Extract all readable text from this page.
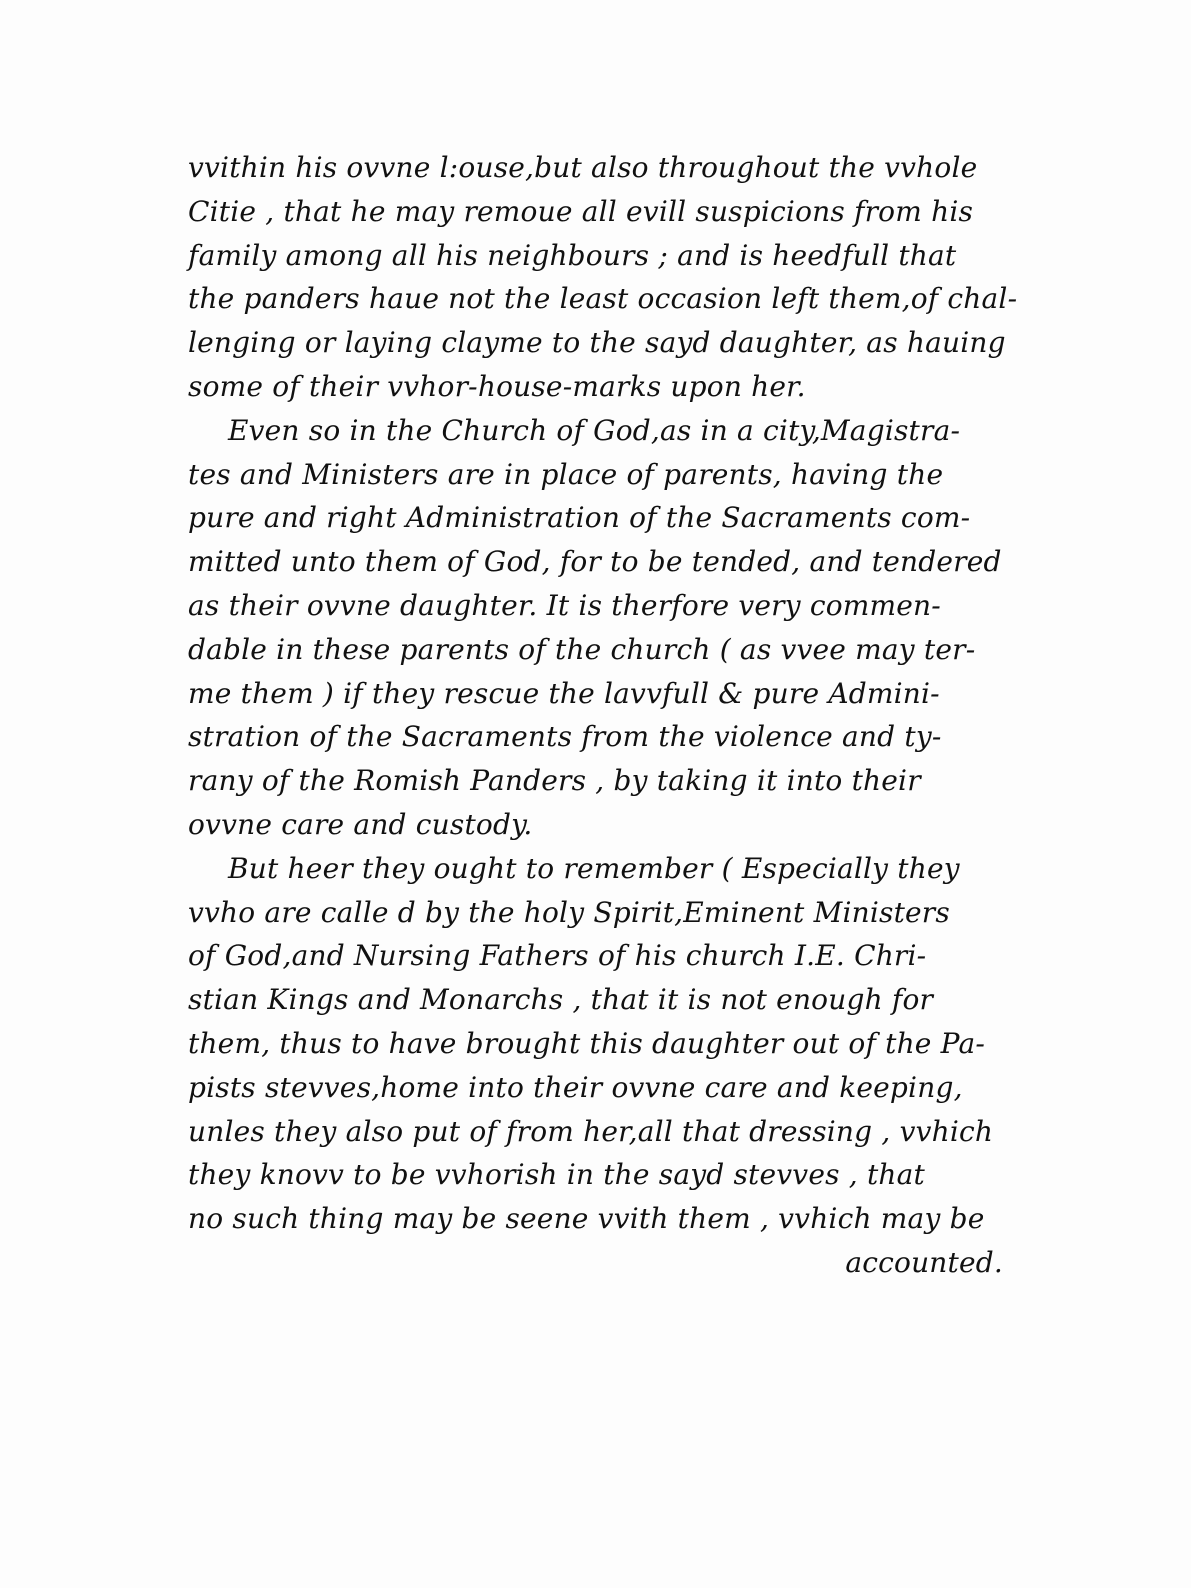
vvithin his ovvne l:ouse,but also throughout the vvhole
Citie , that he may remoue all evill suspicions from his
family among all his neighbours ; and is heedfull that
the panders haue not the least occasion left them,of chal-
lenging or laying clayme to the sayd daughter, as hauing
some of their vvhor-house-marks upon her.
Even so in the Church of God,as in a city,Magistra-
tes and Ministers are in place of parents, having the
pure and right Administration of the Sacraments com-
mitted unto them of God, for to be tended, and tendered
as their ovvne daughter. It is therfore very commen-
dable in these parents of the church ( as vvee may ter-
me them ) if they rescue the lavvfull & pure Admini-
stration of the Sacraments from the violence and ty-
rany of the Romish Panders , by taking it into their
ovvne care and custody.
But heer they ought to remember ( Especially they
vvho are calle d by the holy Spirit,Eminent Ministers
of God,and Nursing Fathers of his church I.E. Chri-
stian Kings and Monarchs , that it is not enough for
them, thus to have brought this daughter out of the Pa-
pists stevves,home into their ovvne care and keeping,
unles they also put of from her,all that dressing , vvhich
they knovv to be vvhorish in the sayd stevves , that
no such thing may be seene vvith them , vvhich may be
accounted.
